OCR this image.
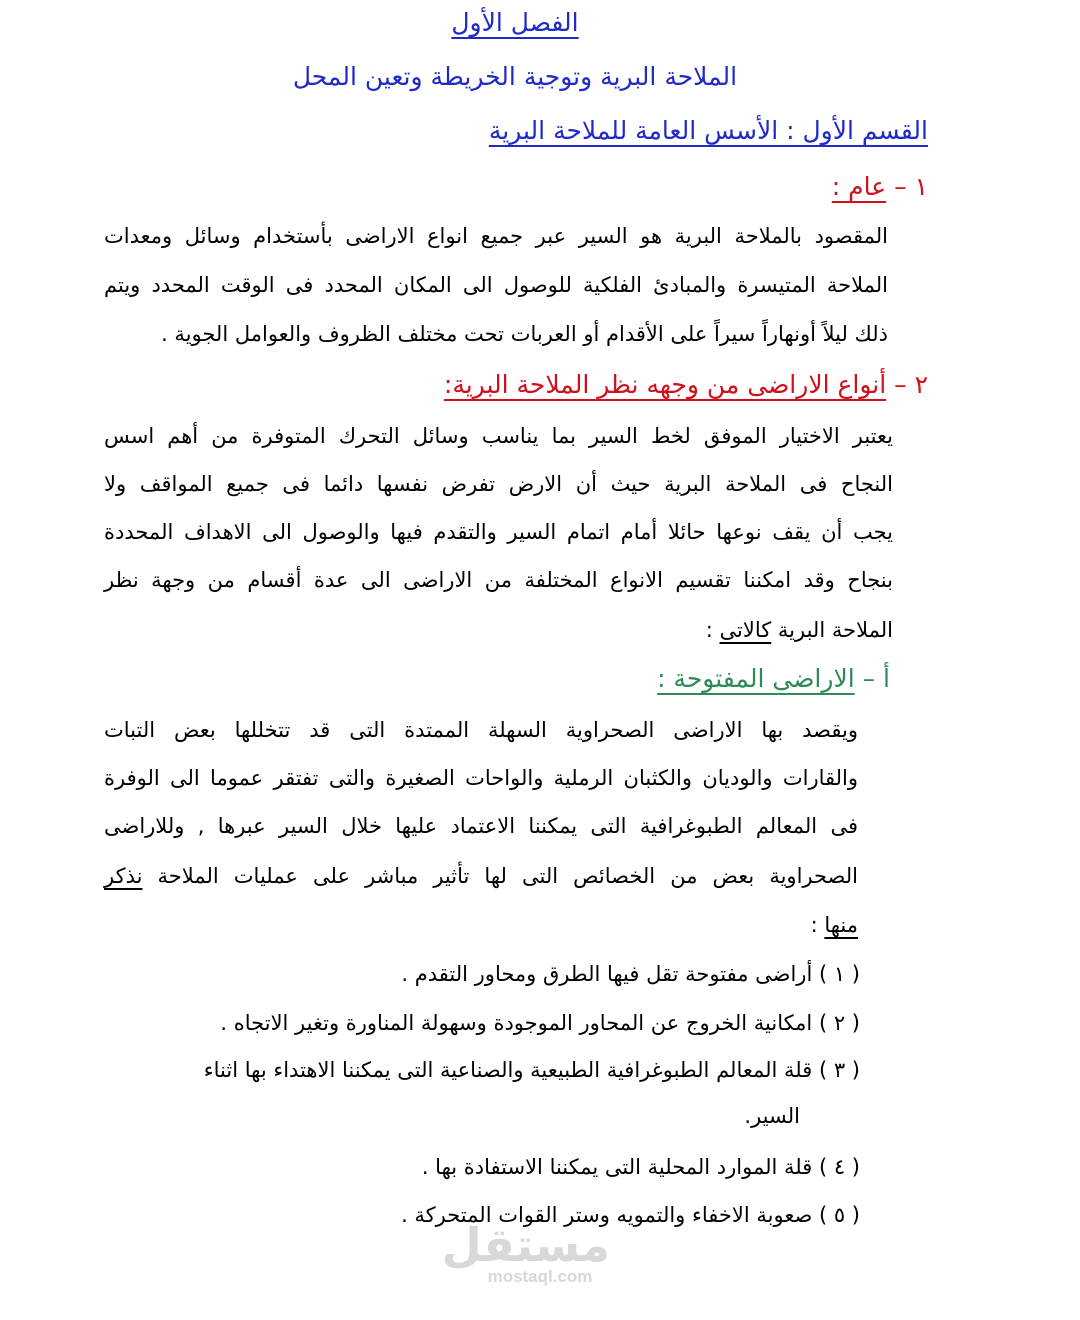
الفصل الأول
الملاحة البرية وتوجية الخريطة وتعين المحل
القسم الأول : الأسس العامة للملاحة البرية
١ – عام :
المقصود بالملاحة البرية هو السير عبر جميع انواع الاراضى بأستخدام وسائل ومعدات
الملاحة المتيسرة والمبادئ الفلكية للوصول الى المكان المحدد فى الوقت المحدد ويتم
ذلك ليلاً أونهاراً سيراً على الأقدام أو العربات تحت مختلف الظروف والعوامل الجوية .
٢ – أنواع الاراضى من وجهه نظر الملاحة البرية:
يعتبر الاختيار الموفق لخط السير بما يناسب وسائل التحرك المتوفرة من أهم اسس
النجاح فى الملاحة البرية حيث أن الارض تفرض نفسها دائما فى جميع المواقف ولا
يجب أن يقف نوعها حائلا أمام اتمام السير والتقدم فيها والوصول الى الاهداف المحددة
بنجاح وقد امكننا تقسيم الانواع المختلفة من الاراضى الى عدة أقسام من وجهة نظر
الملاحة البرية كالاتى :
أ – الاراضى المفتوحة :
ويقصد بها الاراضى الصحراوية السهلة الممتدة التى قد تتخللها بعض التبات
والقارات والوديان والكثبان الرملية والواحات الصغيرة والتى تفتقر عموما الى الوفرة
فى المعالم الطبوغرافية التى يمكننا الاعتماد عليها خلال السير عبرها , وللاراضى
الصحراوية بعض من الخصائص التى لها تأثير مباشر على عمليات الملاحة نذكر
منها :
( ١ ) أراضى مفتوحة تقل فيها الطرق ومحاور التقدم .
( ٢ ) امكانية الخروج عن المحاور الموجودة وسهولة المناورة وتغير الاتجاه .
( ٣ ) قلة المعالم الطبوغرافية الطبيعية والصناعية التى يمكننا الاهتداء بها اثناء
السير.
( ٤ ) قلة الموارد المحلية التى يمكننا الاستفادة بها .
( ٥ ) صعوبة الاخفاء والتمويه وستر القوات المتحركة .
مستقل
mostaql.com
